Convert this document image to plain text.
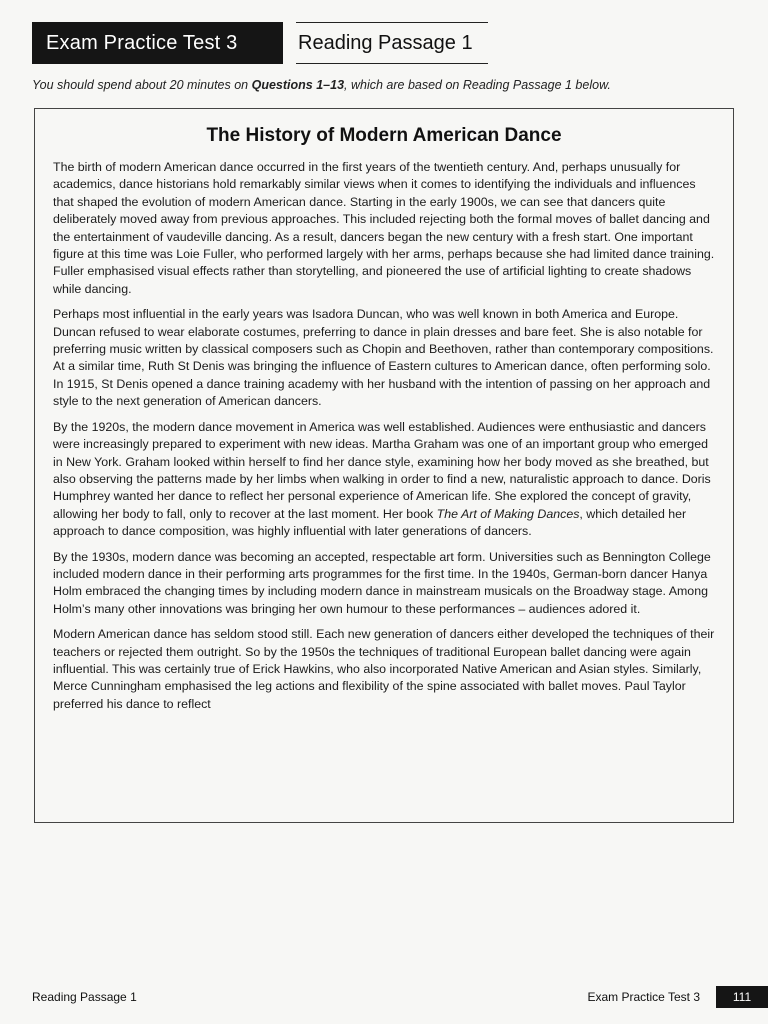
Exam Practice Test 3	Reading Passage 1
You should spend about 20 minutes on Questions 1–13, which are based on Reading Passage 1 below.
The History of Modern American Dance

The birth of modern American dance occurred in the first years of the twentieth century. And, perhaps unusually for academics, dance historians hold remarkably similar views when it comes to identifying the individuals and influences that shaped the evolution of modern American dance. Starting in the early 1900s, we can see that dancers quite deliberately moved away from previous approaches. This included rejecting both the formal moves of ballet dancing and the entertainment of vaudeville dancing. As a result, dancers began the new century with a fresh start. One important figure at this time was Loie Fuller, who performed largely with her arms, perhaps because she had limited dance training. Fuller emphasised visual effects rather than storytelling, and pioneered the use of artificial lighting to create shadows while dancing.

Perhaps most influential in the early years was Isadora Duncan, who was well known in both America and Europe. Duncan refused to wear elaborate costumes, preferring to dance in plain dresses and bare feet. She is also notable for preferring music written by classical composers such as Chopin and Beethoven, rather than contemporary compositions. At a similar time, Ruth St Denis was bringing the influence of Eastern cultures to American dance, often performing solo. In 1915, St Denis opened a dance training academy with her husband with the intention of passing on her approach and style to the next generation of American dancers.

By the 1920s, the modern dance movement in America was well established. Audiences were enthusiastic and dancers were increasingly prepared to experiment with new ideas. Martha Graham was one of an important group who emerged in New York. Graham looked within herself to find her dance style, examining how her body moved as she breathed, but also observing the patterns made by her limbs when walking in order to find a new, naturalistic approach to dance. Doris Humphrey wanted her dance to reflect her personal experience of American life. She explored the concept of gravity, allowing her body to fall, only to recover at the last moment. Her book The Art of Making Dances, which detailed her approach to dance composition, was highly influential with later generations of dancers.

By the 1930s, modern dance was becoming an accepted, respectable art form. Universities such as Bennington College included modern dance in their performing arts programmes for the first time. In the 1940s, German-born dancer Hanya Holm embraced the changing times by including modern dance in mainstream musicals on the Broadway stage. Among Holm’s many other innovations was bringing her own humour to these performances – audiences adored it.

Modern American dance has seldom stood still. Each new generation of dancers either developed the techniques of their teachers or rejected them outright. So by the 1950s the techniques of traditional European ballet dancing were again influential. This was certainly true of Erick Hawkins, who also incorporated Native American and Asian styles. Similarly, Merce Cunningham emphasised the leg actions and flexibility of the spine associated with ballet moves. Paul Taylor preferred his dance to reflect

Reading Passage 1	Exam Practice Test 3	111
